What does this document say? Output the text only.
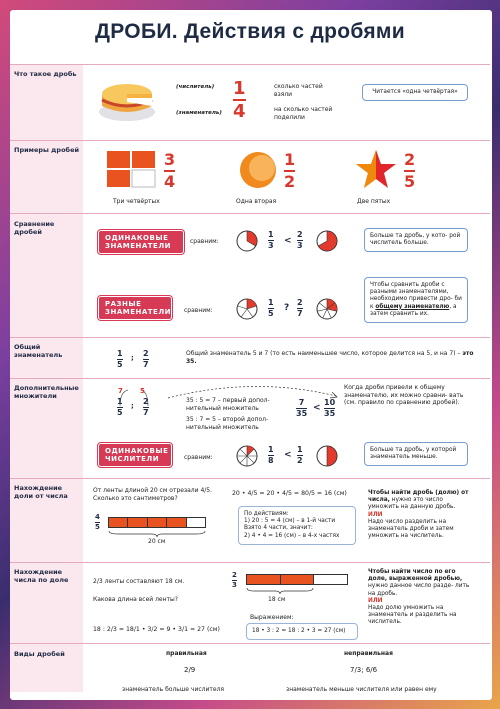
ДРОБИ. Действия с дробями
Что такое дробь
(числитель)
(знаменатель)
1
4
сколько частей взяли
на сколько частей поделили
Читается «одна четвёртая»
Примеры дробей	3
4
1
2
2
5
Три четвёртых	Одна вторая	Две пятых
Сравнение дробей
ОДИНАКОВЫЕ ЗНАМЕНАТЕЛИ
сравним:
1
3 <
2
3
Больше та дробь, у кото- рой числитель больше.
РАЗНЫЕ ЗНАМЕНАТЕЛИ сравним:
1
5
?
2
7
Чтобы сравнить дроби с разными знаменателями, необходимо привести дро- би к общему знаменателю, а затем сравнить их.
Общий знаменатель	1
5
; 2
7
Общий знаменатель 5 и 7 (то есть наименьшее число, которое делится на 5, и на 7) – это 35.
Дополнительные множители
7 5
1
5
; 2
7
35 : 5 = 7 – первый допол- нительный множитель
35 : 7 = 5 – второй допол- нительный множитель
7
35
<
10
35
Когда дроби привели к общему знаменателю, их можно сравни- вать (см. правило по сравнению дробей).
ОДИНАКОВЫЕ ЧИСЛИТЕЛИ	сравним:
1
8
<
1
2
Больше та дробь, у которой знаменатель меньше.
Нахождение доли от числа
От ленты длиной 20 см отрезали 4/5. Сколько это сантиметров?
4
5
20 см
20 • 4/5 = 20 • 4/5 = 80/5 = 16 (см)
По действиям:
1) 20 : 5 = 4 (см) – в 1-й части
Взято 4 части, значит:
2) 4 • 4 = 16 (см) – в 4-х частях
Чтобы найти дробь (долю) от числа, нужно это число умножить на данную дробь.
ИЛИ
Надо число разделить на знаменатель дроби и затем умножить на числитель.
Нахождение числа по доле	2/3 ленты составляют 18 см.
Какова длина всей ленты?
18 : 2/3 = 18/1 • 3/2 = 9 • 3/1 = 27 (см)
2
3
18 см
Выражением:
18 • 3 : 2 = 18 : 2 • 3 = 27 (см)
Чтобы найти число по его доле, выраженной дробью, нужно данное число разде- лить на дробь.
ИЛИ
Надо долю умножить на знаменатель и разделить на числитель.
Виды дробей	правильная	неправильная
2/9	7/3; 6/6
знаменатель больше числителя	знаменатель меньше числителя или равен ему
